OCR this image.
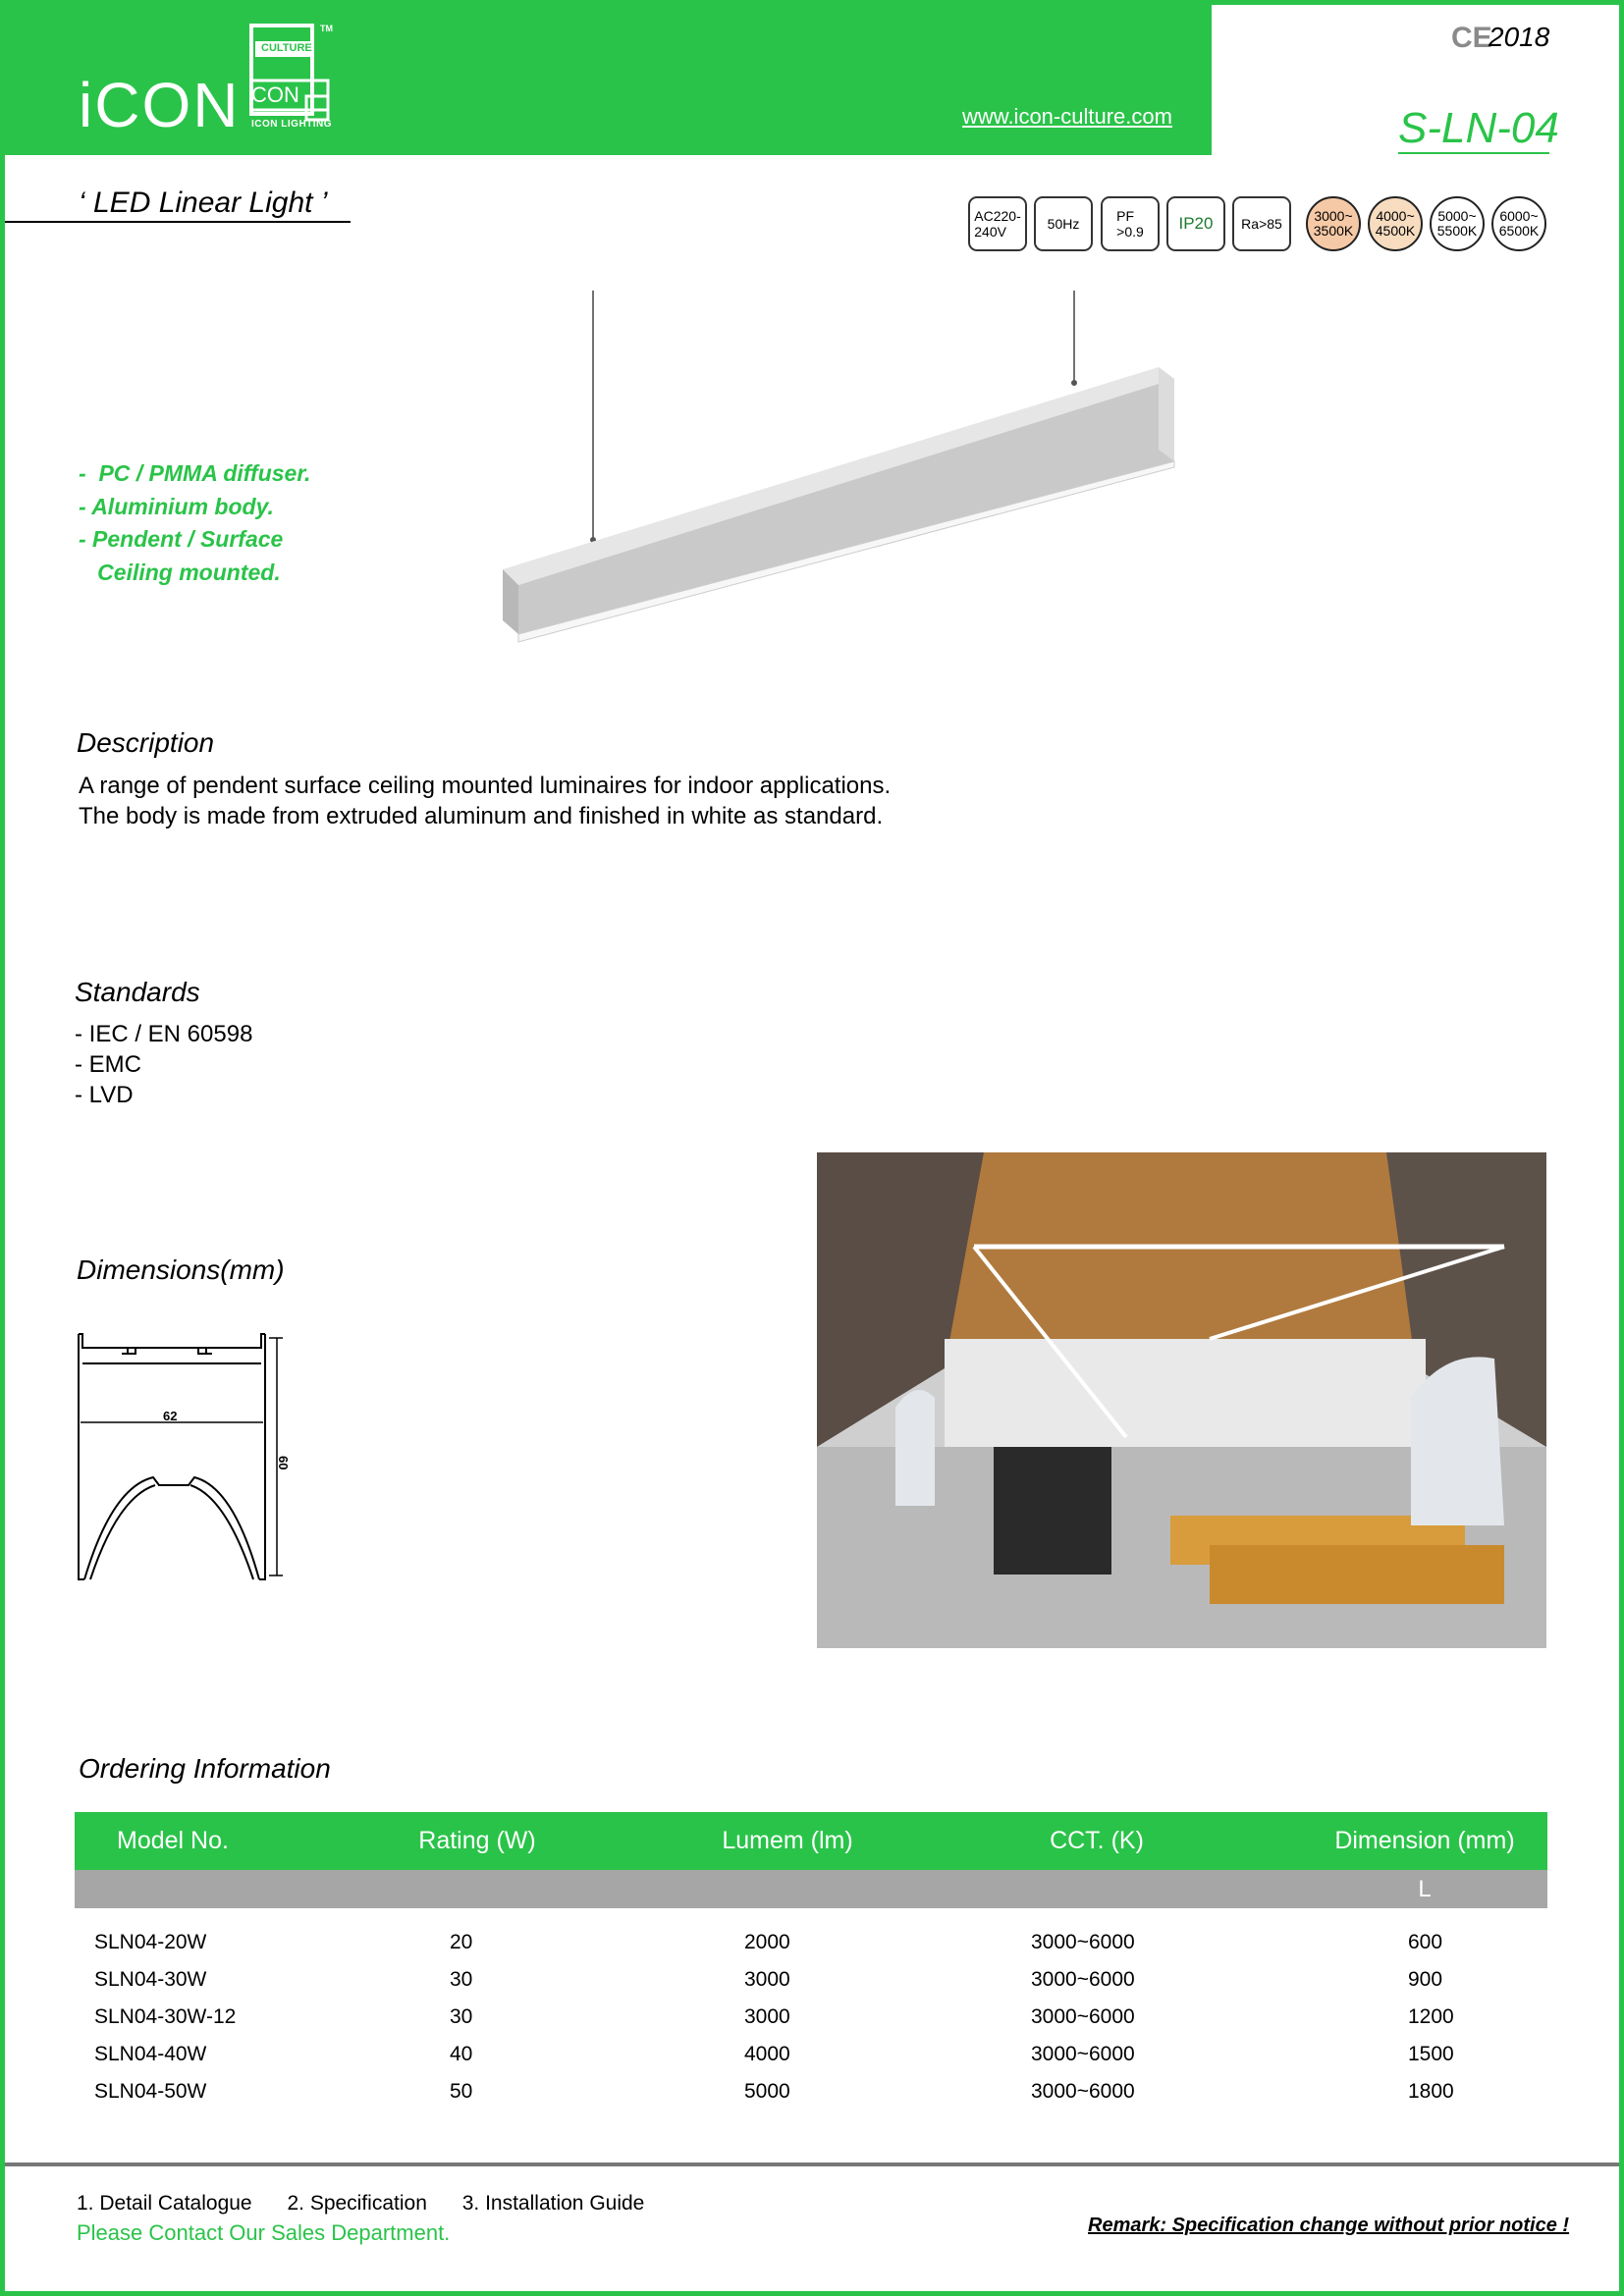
iCON
CULTURE
CON
TM
ICON LIGHTING	www.icon-culture.com
CE
2018
S-LN-04
‘ LED Linear Light ’	AC220-
240V	50Hz	PF
>0.9 IP20 Ra>85 3000~
3500K
4000~
4500K
5000~
5500K
6000~
6500K
-  PC / PMMA diffuser.
- Aluminium body.
- Pendent / Surface
Ceiling mounted.
Description
A range of pendent surface ceiling mounted luminaires for indoor applications.
The body is made from extruded aluminum and finished in white as standard.
Standards
- IEC / EN 60598
- EMC
- LVD
Dimensions(mm)
62
60
Ordering Information
Model No.	Rating (W)	Lumem (lm)	CCT. (K)	Dimension (mm)
				L

SLN04-20W	20	2000	3000~6000	600
SLN04-30W	30	3000	3000~6000	900
SLN04-30W-12	30	3000	3000~6000	1200
SLN04-40W	40	4000	3000~6000	1500
SLN04-50W	50	5000	3000~6000	1800
1. Detail Catalogue 2. Specification 3. Installation Guide
Please Contact Our Sales Department.	Remark: Specification change without prior notice !
